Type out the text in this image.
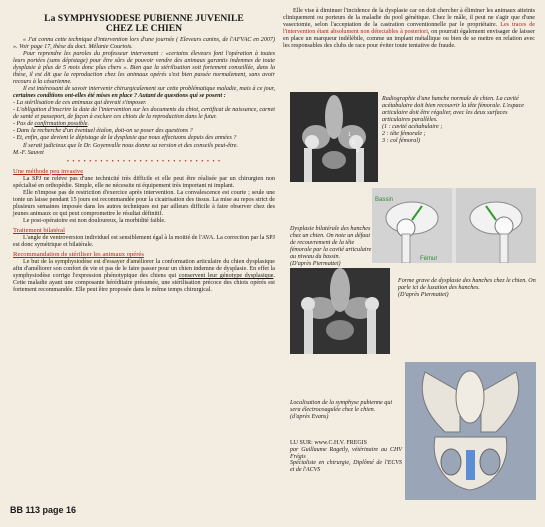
La SYMPHYSIODESE PUBIENNE JUVENILE
CHEZ LE CHIEN

« J'ai connu cette technique d'intervention lors d'une journée ( Eleveurs canins, de l'AFVAC en 2007) ». Voir page 17, thèse du doct. Mélanie Courtois.

Pour reprendre les paroles du professeur intervenant : «certains éleveurs font l'opération à toutes leurs portées (sans dépistage) pour être sûrs de pouvoir vendre des animaux garantis indemnes de toute dysplasie à plus de 5 mois donc plus chers ». Bien que la stérilisation soit fortement conseillée, dans la thèse, il est dit que la reproduction chez les animaux opérés s'est bien passée normalement, sans avoir recours à la césarienne.

Il est intéressant de savoir intervenir chirurgicalement sur cette problématique maladie, mais à ce jour, certaines conditions ont-elles été mises en place ? Autant de questions qui se posent :

- La stérilisation de ces animaux qui devrait s'imposer.

- L'obligation d'inscrire la date de l'intervention sur les documents du chiot, certificat de naissance, carnet de santé et passeport, de façon à exclure ces chiots de la reproduction dans le futur.

- Pas de confirmation possible.

- Dans la recherche d'un éventuel étalon, doit-on se poser des questions ?

- Et, enfin, que devient le dépistage de la dysplasie que nous effectuons depuis des années ?

Il serait judicieux que le Dr. Goyenvalle nous donne sa version et des conseils peut-être.

M.-F. Sauvet

• • • • • • • • • • • • • • • • • • • • • • • • • • • •

Une méthode peu invasive

La SPJ ne relève pas d'une technicité très difficile et elle peut être réalisée par un chirurgien non spécialisé en orthopédie. Simple, elle ne nécessite ni équipement très important ni implant.

Elle n'impose pas de restriction d'exercice après intervention. La convalescence est courte ; seule une tonte un laisse pendant 15 jours est recommandée pour la cicatrisation des tissus. La mise au repos strict de plusieurs semaines imposée dans les autres techniques est par ailleurs difficile à faire observer chez des jeunes animaux ce qui peut compromettre le résultat définitif.

Le post-opératoire est non douloureux, la morbidité faible.

Traitement bilatéral

L'angle de ventroversion individuel est sensiblement égal à la moitié de l'AVA. La correction par la SPJ est donc symétrique et bilatérale.

Recommandation de stériliser les animaux opérés

Le but de la symphysiodèse est d'essayer d'améliorer la conformation articulaire du chien dysplasique afin d'améliorer son confort de vie et pas de le faire passer pour un chien indemne de dysplasie. En effet la symphysiodèse corrige l'expression phénotypique des chiens qui conservent leur génotype dysplasique. Cette maladie ayant une composante héréditaire présumée, une stérilisation précoce des chiots opérés est fortement recommandée. Elle peut être proposée dans le même temps chirurgical.

Elle vise à diminuer l'incidence de la dysplasie car on doit chercher à éliminer les animaux atteints cliniquement ou porteurs de la maladie du pool génétique. Chez le mâle, il peut ne s'agir que d'une vasectomie, selon l'acceptation de la castration conventionnelle par le propriétaire. Les traces de l'intervention étant absolument non détectables à posteriori, on pourrait également envisager de laisser en place un marqueur indélébile, comme un implant métallique ou bien de se mettre en relation avec les responsables des clubs de race pour éviter toute tentative de fraude.

1
2
3
Radiographie d'une hanche normale de chien. La cavité acétabulaire doit bien recouvrir la tête fémorale. L'espace articulaire doit être régulier, avec les deux surfaces articulaires parallèles.
(1 : cavité acétabulaire ;
2 : tête fémorale ;
3 : col fémoral)
Bassin
Fémur
Dysplasie bilatérale des hanches chez un chien. On note un défaut de recouvrement de la tête fémorale par la cavité articulaire au niveau du bassin.
(D'après Piermattei)
Forme grave de dysplasie des hanches chez le chien. On parle ici de luxation des hanches.
(D'après Piermattei)
Localisation de la symphyse pubienne qui sera électrocoagulée chez le chien.
(d'après Evans)
LU SUR: www.C.H.V. FREGIS
par Guillaume Ragetly, vétérinaire au CHV Frégis
Spécialiste en chirurgie, Diplômé de l'ECVS et de l'ACVS
BB 113 page 16
